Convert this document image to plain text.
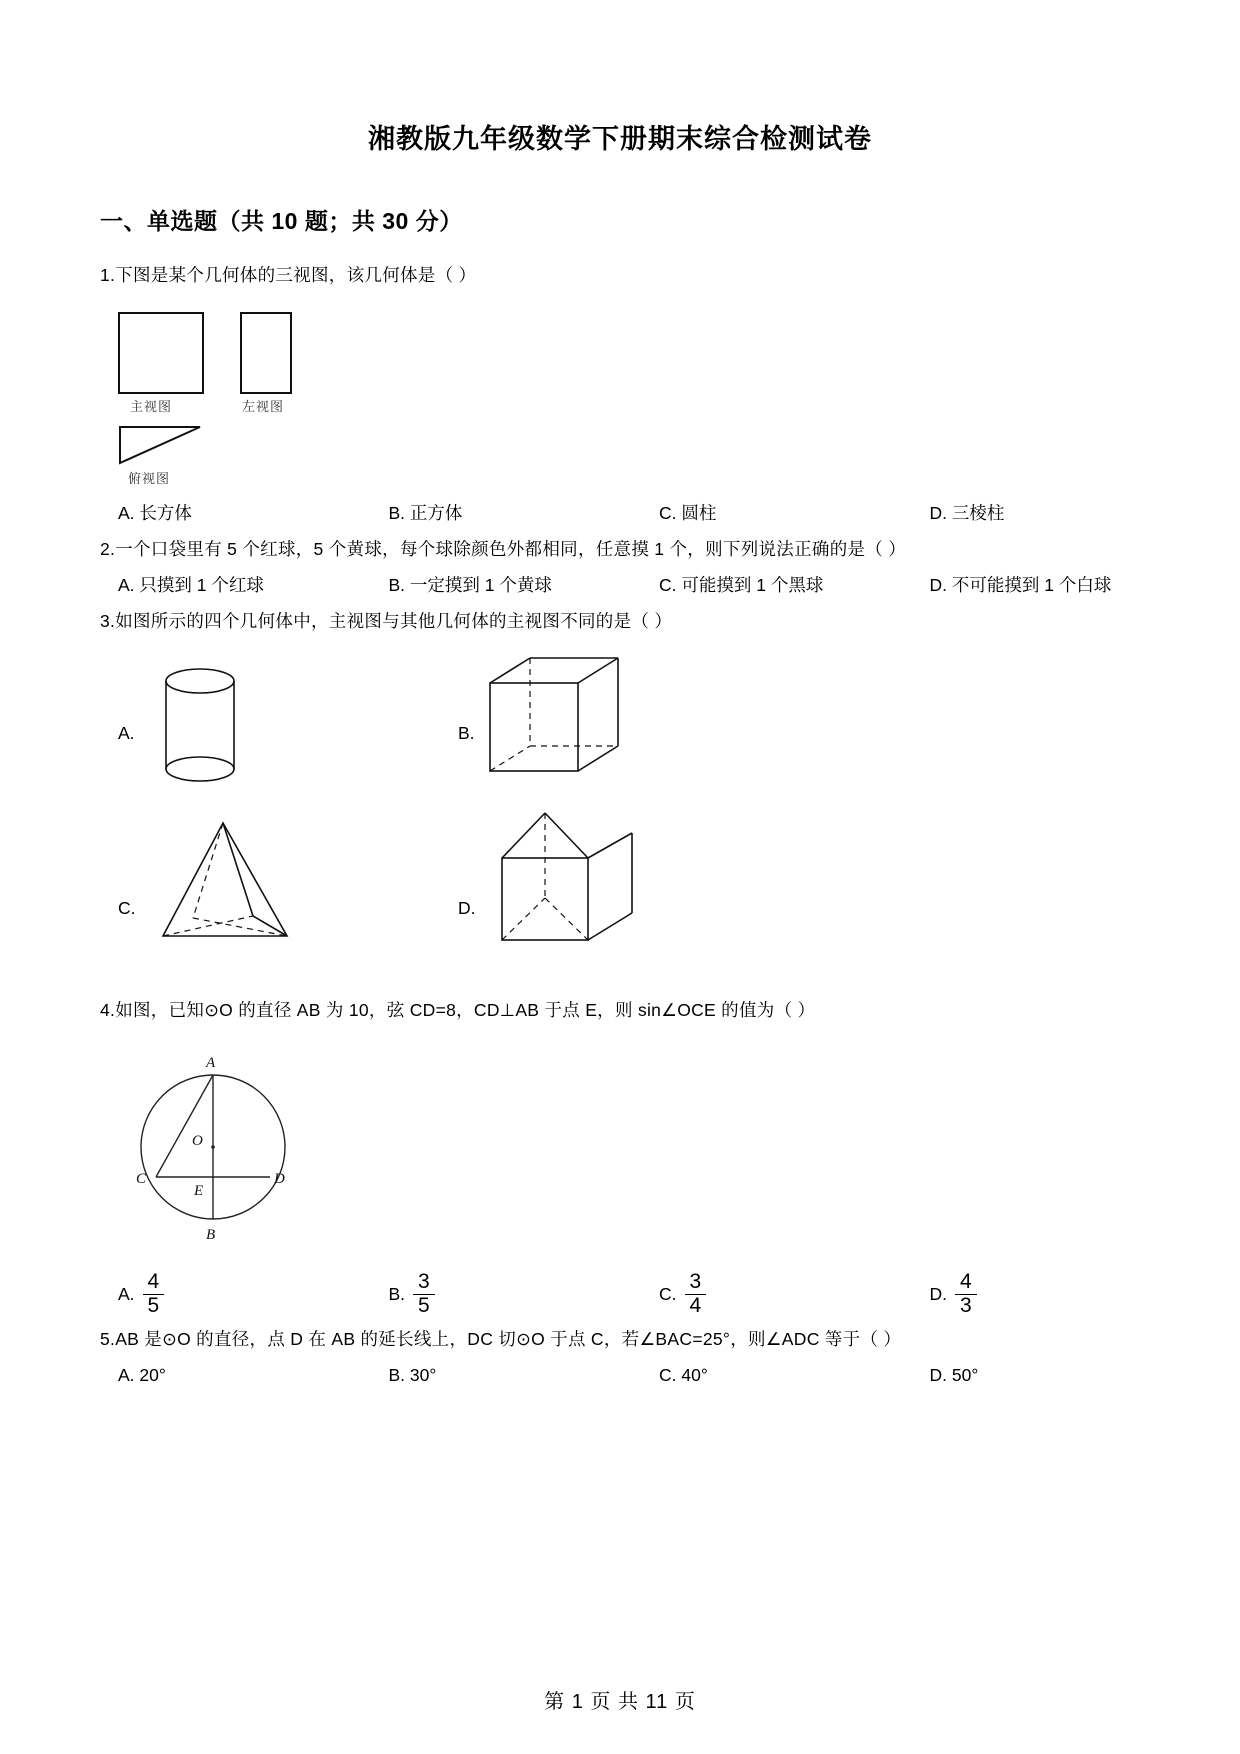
湘教版九年级数学下册期末综合检测试卷
一、单选题（共 10 题；共 30 分）
1.下图是某个几何体的三视图，该几何体是（ ）
主视图	左视图
俯视图
A. 长方体	B. 正方体	C. 圆柱	D. 三棱柱
2.一个口袋里有 5 个红球，5 个黄球，每个球除颜色外都相同，任意摸 1 个，则下列说法正确的是（ ）
A. 只摸到 1 个红球	B. 一定摸到 1 个黄球	C. 可能摸到 1 个黑球	D. 不可能摸到 1 个白球
3.如图所示的四个几何体中，主视图与其他几何体的主视图不同的是（ ）
A.	B.
C.	D.
4.如图，已知⊙O 的直径 AB 为 10，弦 CD=8，CD⊥AB 于点 E，则 sin∠OCE 的值为（ ）
A
O
C
E
D
B
A. $\frac{4}{5}$	B. $\frac{3}{5}$	C. $\frac{3}{4}$	D. $\frac{4}{3}$
5.AB 是⊙O 的直径，点 D 在 AB 的延长线上，DC 切⊙O 于点 C，若∠BAC=25°，则∠ADC 等于（ ）
A. 20°	B. 30°	C. 40°	D. 50°
第 1 页 共 11 页
